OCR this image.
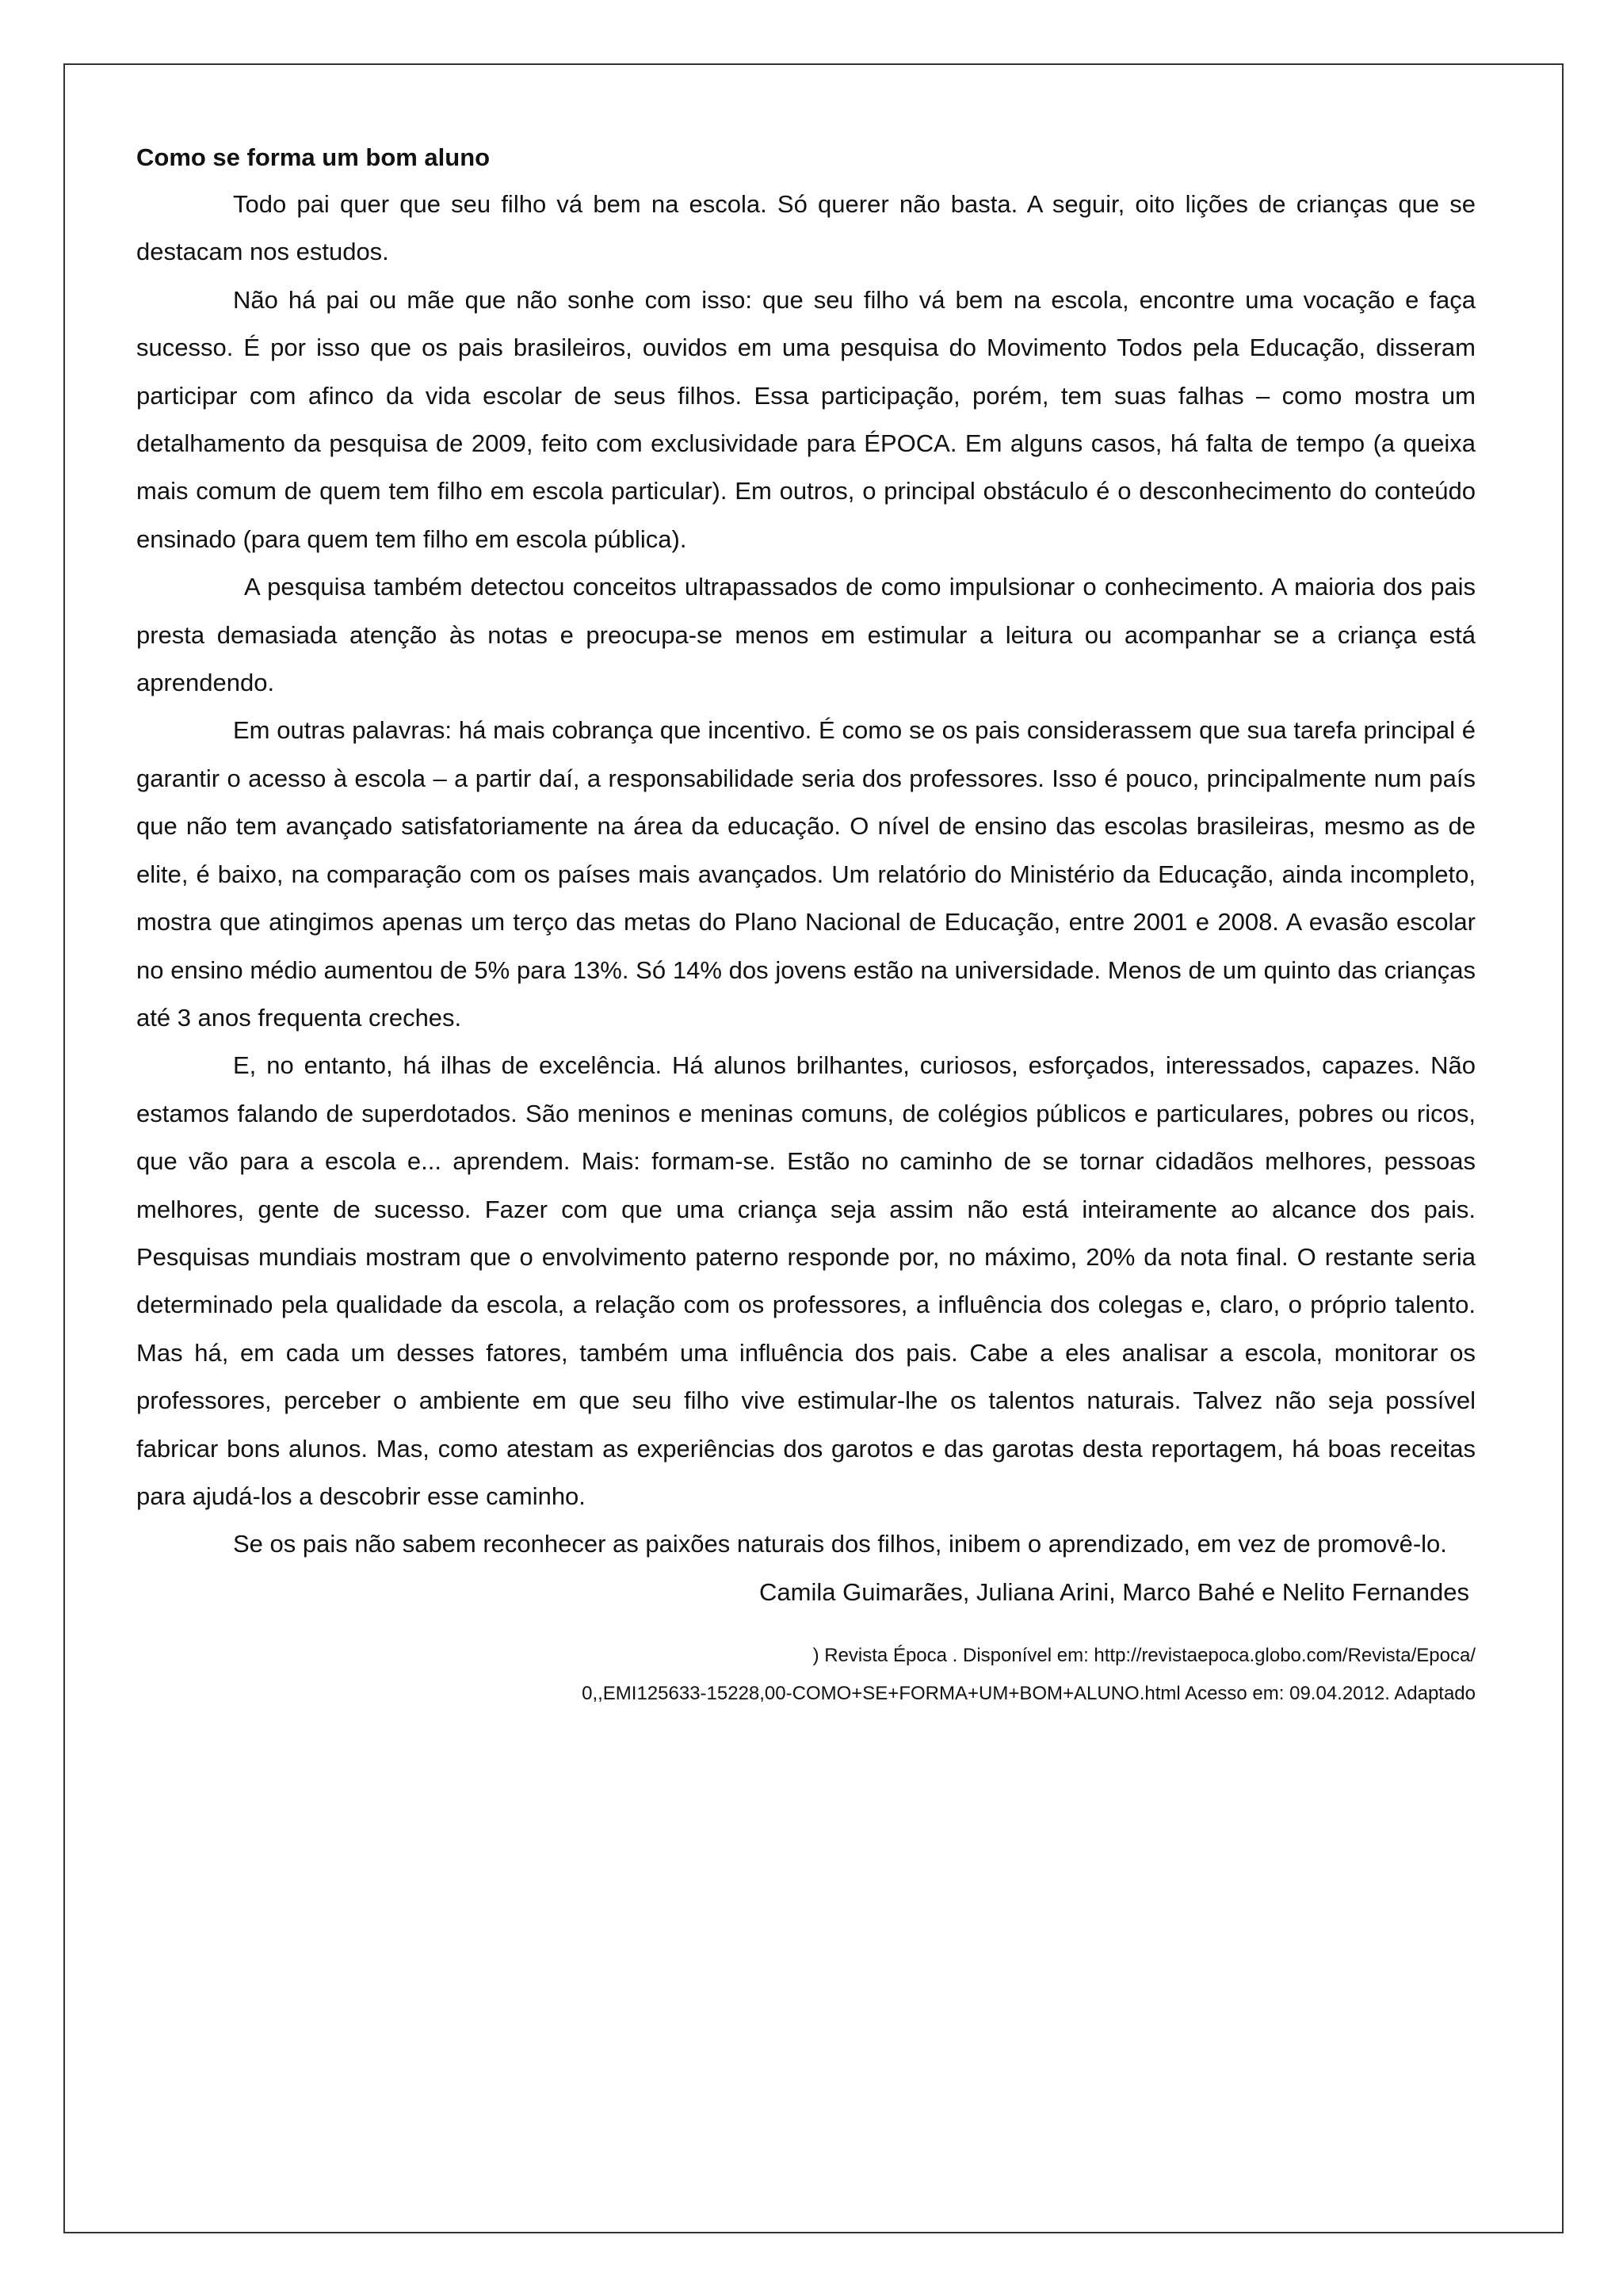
Como se forma um bom aluno

Todo pai quer que seu filho vá bem na escola. Só querer não basta. A seguir, oito lições de crianças que se destacam nos estudos.

Não há pai ou mãe que não sonhe com isso: que seu filho vá bem na escola, encontre uma vocação e faça sucesso. É por isso que os pais brasileiros, ouvidos em uma pesquisa do Movimento Todos pela Educação, disseram participar com afinco da vida escolar de seus filhos. Essa participação, porém, tem suas falhas – como mostra um detalhamento da pesquisa de 2009, feito com exclusividade para ÉPOCA. Em alguns casos, há falta de tempo (a queixa mais comum de quem tem filho em escola particular). Em outros, o principal obstáculo é o desconhecimento do conteúdo ensinado (para quem tem filho em escola pública).

A pesquisa também detectou conceitos ultrapassados de como impulsionar o conhecimento. A maioria dos pais presta demasiada atenção às notas e preocupa-se menos em estimular a leitura ou acompanhar se a criança está aprendendo.

Em outras palavras: há mais cobrança que incentivo. É como se os pais considerassem que sua tarefa principal é garantir o acesso à escola – a partir daí, a responsabilidade seria dos professores. Isso é pouco, principalmente num país que não tem avançado satisfatoriamente na área da educação. O nível de ensino das escolas brasileiras, mesmo as de elite, é baixo, na comparação com os países mais avançados. Um relatório do Ministério da Educação, ainda incompleto, mostra que atingimos apenas um terço das metas do Plano Nacional de Educação, entre 2001 e 2008. A evasão escolar no ensino médio aumentou de 5% para 13%. Só 14% dos jovens estão na universidade. Menos de um quinto das crianças até 3 anos frequenta creches.

E, no entanto, há ilhas de excelência. Há alunos brilhantes, curiosos, esforçados, interessados, capazes. Não estamos falando de superdotados. São meninos e meninas comuns, de colégios públicos e particulares, pobres ou ricos, que vão para a escola e... aprendem. Mais: formam-se. Estão no caminho de se tornar cidadãos melhores, pessoas melhores, gente de sucesso. Fazer com que uma criança seja assim não está inteiramente ao alcance dos pais. Pesquisas mundiais mostram que o envolvimento paterno responde por, no máximo, 20% da nota final. O restante seria determinado pela qualidade da escola, a relação com os professores, a influência dos colegas e, claro, o próprio talento. Mas há, em cada um desses fatores, também uma influência dos pais. Cabe a eles analisar a escola, monitorar os professores, perceber o ambiente em que seu filho vive estimular-lhe os talentos naturais. Talvez não seja possível fabricar bons alunos. Mas, como atestam as experiências dos garotos e das garotas desta reportagem, há boas receitas para ajudá-los a descobrir esse caminho.

Se os pais não sabem reconhecer as paixões naturais dos filhos, inibem o aprendizado, em vez de promovê-lo.

Camila Guimarães, Juliana Arini, Marco Bahé e Nelito Fernandes

) Revista Época . Disponível em: http://revistaepoca.globo.com/Revista/Epoca/
0,,EMI125633-15228,00-COMO+SE+FORMA+UM+BOM+ALUNO.html Acesso em: 09.04.2012. Adaptado
